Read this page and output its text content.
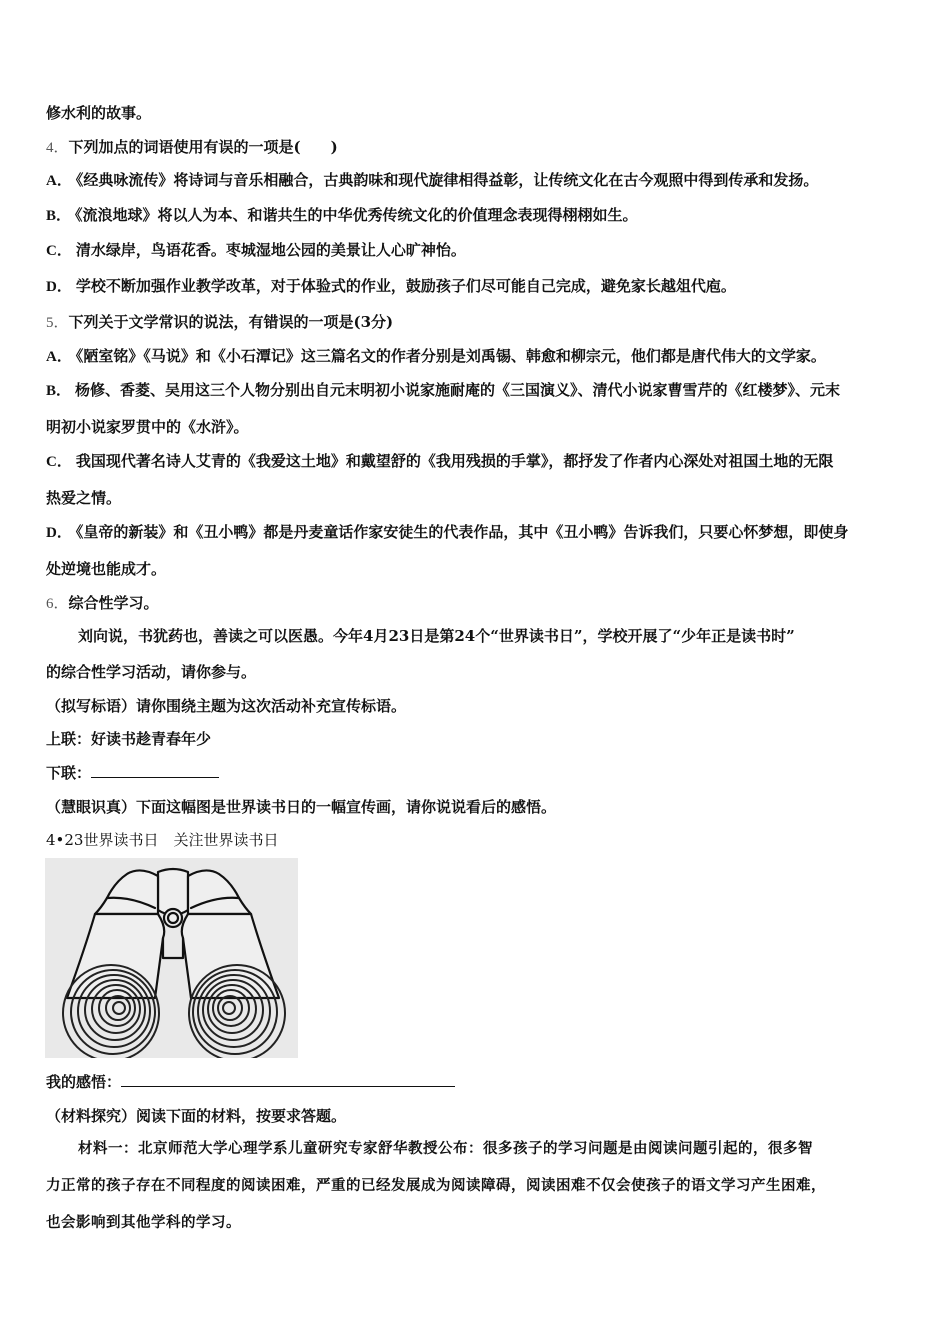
修水利的故事。
4．下列加点的词语使用有误的一项是(　　)
A． 《经典咏流传》将诗词与音乐相融合，古典韵味和现代旋律相得益彰，让传统文化在古今观照中得到传承和发扬。
B． 《流浪地球》将以人为本、和谐共生的中华优秀传统文化的价值理念表现得栩栩如生。
C． 清水绿岸，鸟语花香。枣城湿地公园的美景让人心旷神怡。
D． 学校不断加强作业教学改革，对于体验式的作业，鼓励孩子们尽可能自己完成，避免家长越俎代庖。
5．下列关于文学常识的说法，有错误的一项是(3分)
A． 《陋室铭》《马说》和《小石潭记》这三篇名文的作者分别是刘禹锡、韩愈和柳宗元，他们都是唐代伟大的文学家。
B． 杨修、香菱、吴用这三个人物分别出自元末明初小说家施耐庵的《三国演义》、清代小说家曹雪芹的《红楼梦》、元末
明初小说家罗贯中的《水浒》。
C． 我国现代著名诗人艾青的《我爱这土地》和戴望舒的《我用残损的手掌》，都抒发了作者内心深处对祖国土地的无限
热爱之情。
D． 《皇帝的新装》和《丑小鸭》都是丹麦童话作家安徒生的代表作品，其中《丑小鸭》告诉我们，只要心怀梦想，即使身
处逆境也能成才。
6．综合性学习。
刘向说，书犹药也，善读之可以医愚。今年4月23日是第24个“世界读书日”，学校开展了“少年正是读书时”
的综合性学习活动，请你参与。
（拟写标语）请你围绕主题为这次活动补充宣传标语。
上联：好读书趁青春年少
下联：
（慧眼识真）下面这幅图是世界读书日的一幅宣传画，请你说说看后的感悟。
4•23世界读书日　关注世界读书日
我的感悟：
（材料探究）阅读下面的材料，按要求答题。
材料一：北京师范大学心理学系儿童研究专家舒华教授公布：很多孩子的学习问题是由阅读问题引起的，很多智
力正常的孩子存在不同程度的阅读困难，严重的已经发展成为阅读障碍，阅读困难不仅会使孩子的语文学习产生困难，
也会影响到其他学科的学习。
